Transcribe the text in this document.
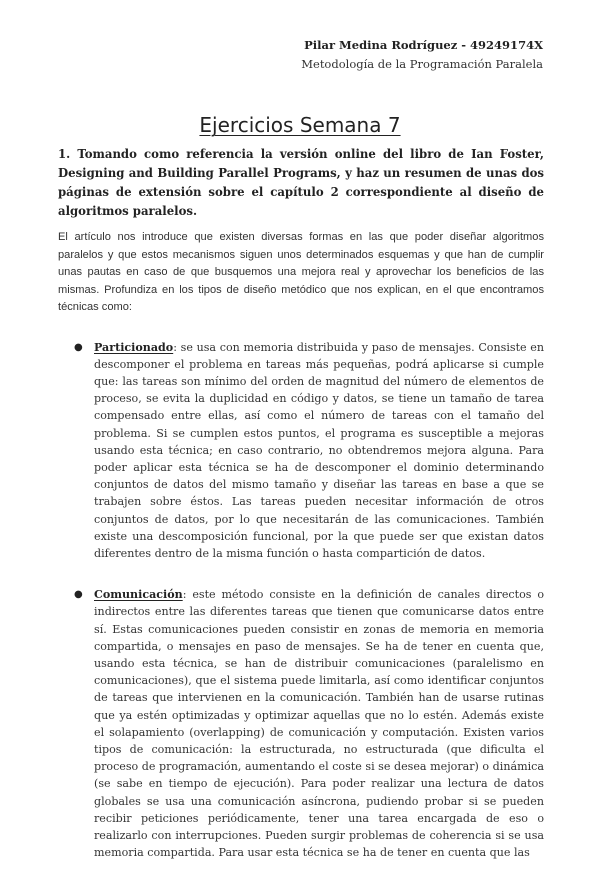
Pilar Medina Rodríguez - 49249174X
Metodología de la Programación Paralela
Ejercicios Semana 7

1. Tomando como referencia la versión online del libro de Ian Foster, Designing and Building Parallel Programs, y haz un resumen de unas dos páginas de extensión sobre el capítulo 2 correspondiente al diseño de algoritmos paralelos.

El artículo nos introduce que existen diversas formas en las que poder diseñar algoritmos paralelos y que estos mecanismos siguen unos determinados esquemas y que han de cumplir unas pautas en caso de que busquemos una mejora real y aprovechar los beneficios de las mismas. Profundiza en los tipos de diseño metódico que nos explican, en el que encontramos técnicas como:

● Particionado: se usa con memoria distribuida y paso de mensajes. Consiste en descomponer el problema en tareas más pequeñas, podrá aplicarse si cumple que: las tareas son mínimo del orden de magnitud del número de elementos de proceso, se evita la duplicidad en código y datos, se tiene un tamaño de tarea compensado entre ellas, así como el número de tareas con el tamaño del problema. Si se cumplen estos puntos, el programa es susceptible a mejoras usando esta técnica; en caso contrario, no obtendremos mejora alguna. Para poder aplicar esta técnica se ha de descomponer el dominio determinando conjuntos de datos del mismo tamaño y diseñar las tareas en base a que se trabajen sobre éstos. Las tareas pueden necesitar información de otros conjuntos de datos, por lo que necesitarán de las comunicaciones. También existe una descomposición funcional, por la que puede ser que existan datos diferentes dentro de la misma función o hasta compartición de datos.
● Comunicación: este método consiste en la definición de canales directos o indirectos entre las diferentes tareas que tienen que comunicarse datos entre sí. Estas comunicaciones pueden consistir en zonas de memoria en memoria compartida, o mensajes en paso de mensajes. Se ha de tener en cuenta que, usando esta técnica, se han de distribuir comunicaciones (paralelismo en comunicaciones), que el sistema puede limitarla, así como identificar conjuntos de tareas que intervienen en la comunicación. También han de usarse rutinas que ya estén optimizadas y optimizar aquellas que no lo estén. Además existe el solapamiento (overlapping) de comunicación y computación. Existen varios tipos de comunicación: la estructurada, no estructurada (que dificulta el proceso de programación, aumentando el coste si se desea mejorar) o dinámica (se sabe en tiempo de ejecución). Para poder realizar una lectura de datos globales se usa una comunicación asíncrona, pudiendo probar si se pueden recibir peticiones periódicamente, tener una tarea encargada de eso o realizarlo con interrupciones. Pueden surgir problemas de coherencia si se usa memoria compartida. Para usar esta técnica se ha de tener en cuenta que las
